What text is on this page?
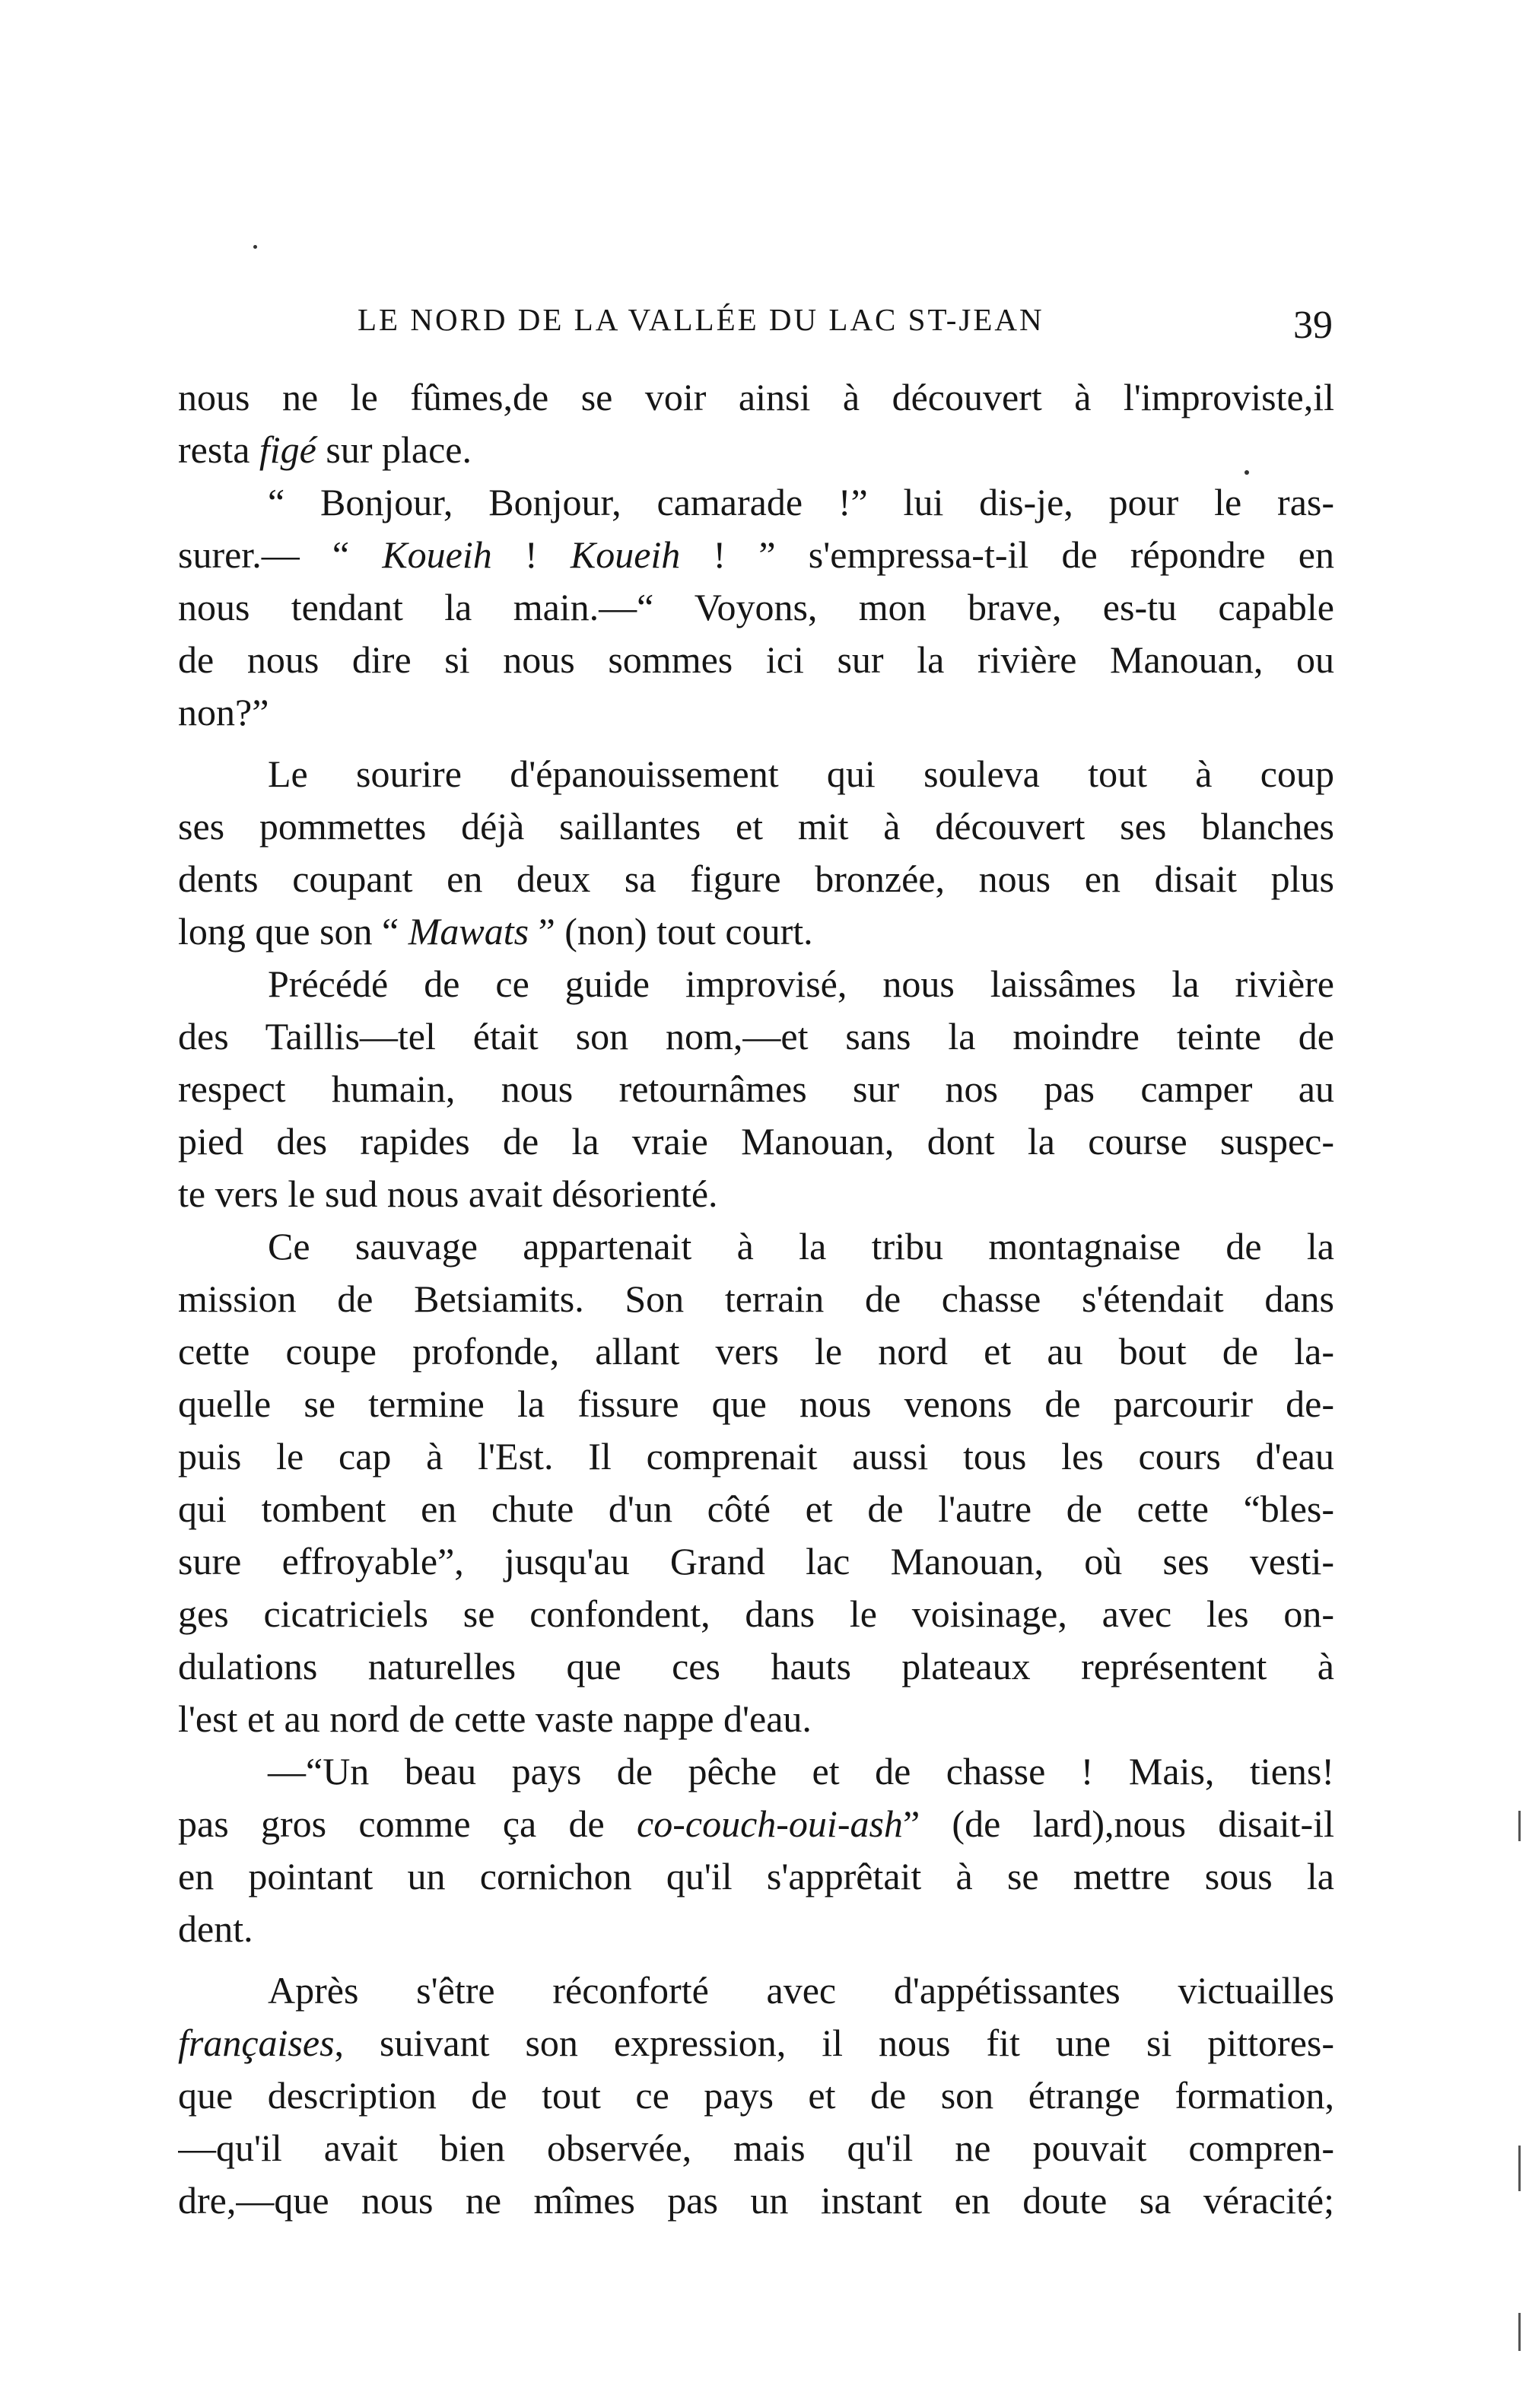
LE NORD DE LA VALLÉE DU LAC ST-JEAN	39
nous ne le fûmes,de se voir ainsi à découvert à l'improviste,il
resta figé sur place.
“ Bonjour, Bonjour, camarade !” lui dis-je, pour le ras-
surer.— “ Koueih ! Koueih ! ” s'empressa-t-il de répondre en
nous tendant la main.—“ Voyons, mon brave, es-tu capable
de nous dire si nous sommes ici sur la rivière Manouan, ou
non?”
Le sourire d'épanouissement qui souleva tout à coup
ses pommettes déjà saillantes et mit à découvert ses blanches
dents coupant en deux sa figure bronzée, nous en disait plus
long que son “ Mawats ” (non) tout court.
Précédé de ce guide improvisé, nous laissâmes la rivière
des Taillis—tel était son nom,—et sans la moindre teinte de
respect humain, nous retournâmes sur nos pas camper au
pied des rapides de la vraie Manouan, dont la course suspec-
te vers le sud nous avait désorienté.
Ce sauvage appartenait à la tribu montagnaise de la
mission de Betsiamits. Son terrain de chasse s'étendait dans
cette coupe profonde, allant vers le nord et au bout de la-
quelle se termine la fissure que nous venons de parcourir de-
puis le cap à l'Est. Il comprenait aussi tous les cours d'eau
qui tombent en chute d'un côté et de l'autre de cette “bles-
sure effroyable”, jusqu'au Grand lac Manouan, où ses vesti-
ges cicatriciels se confondent, dans le voisinage, avec les on-
dulations naturelles que ces hauts plateaux représentent à
l'est et au nord de cette vaste nappe d'eau.
—“Un beau pays de pêche et de chasse ! Mais, tiens!
pas gros comme ça de co-couch-oui-ash” (de lard),nous disait-il
en pointant un cornichon qu'il s'apprêtait à se mettre sous la
dent.
Après s'être réconforté avec d'appétissantes victuailles
françaises, suivant son expression, il nous fit une si pittores-
que description de tout ce pays et de son étrange formation,
—qu'il avait bien observée, mais qu'il ne pouvait compren-
dre,—que nous ne mîmes pas un instant en doute sa véracité;
